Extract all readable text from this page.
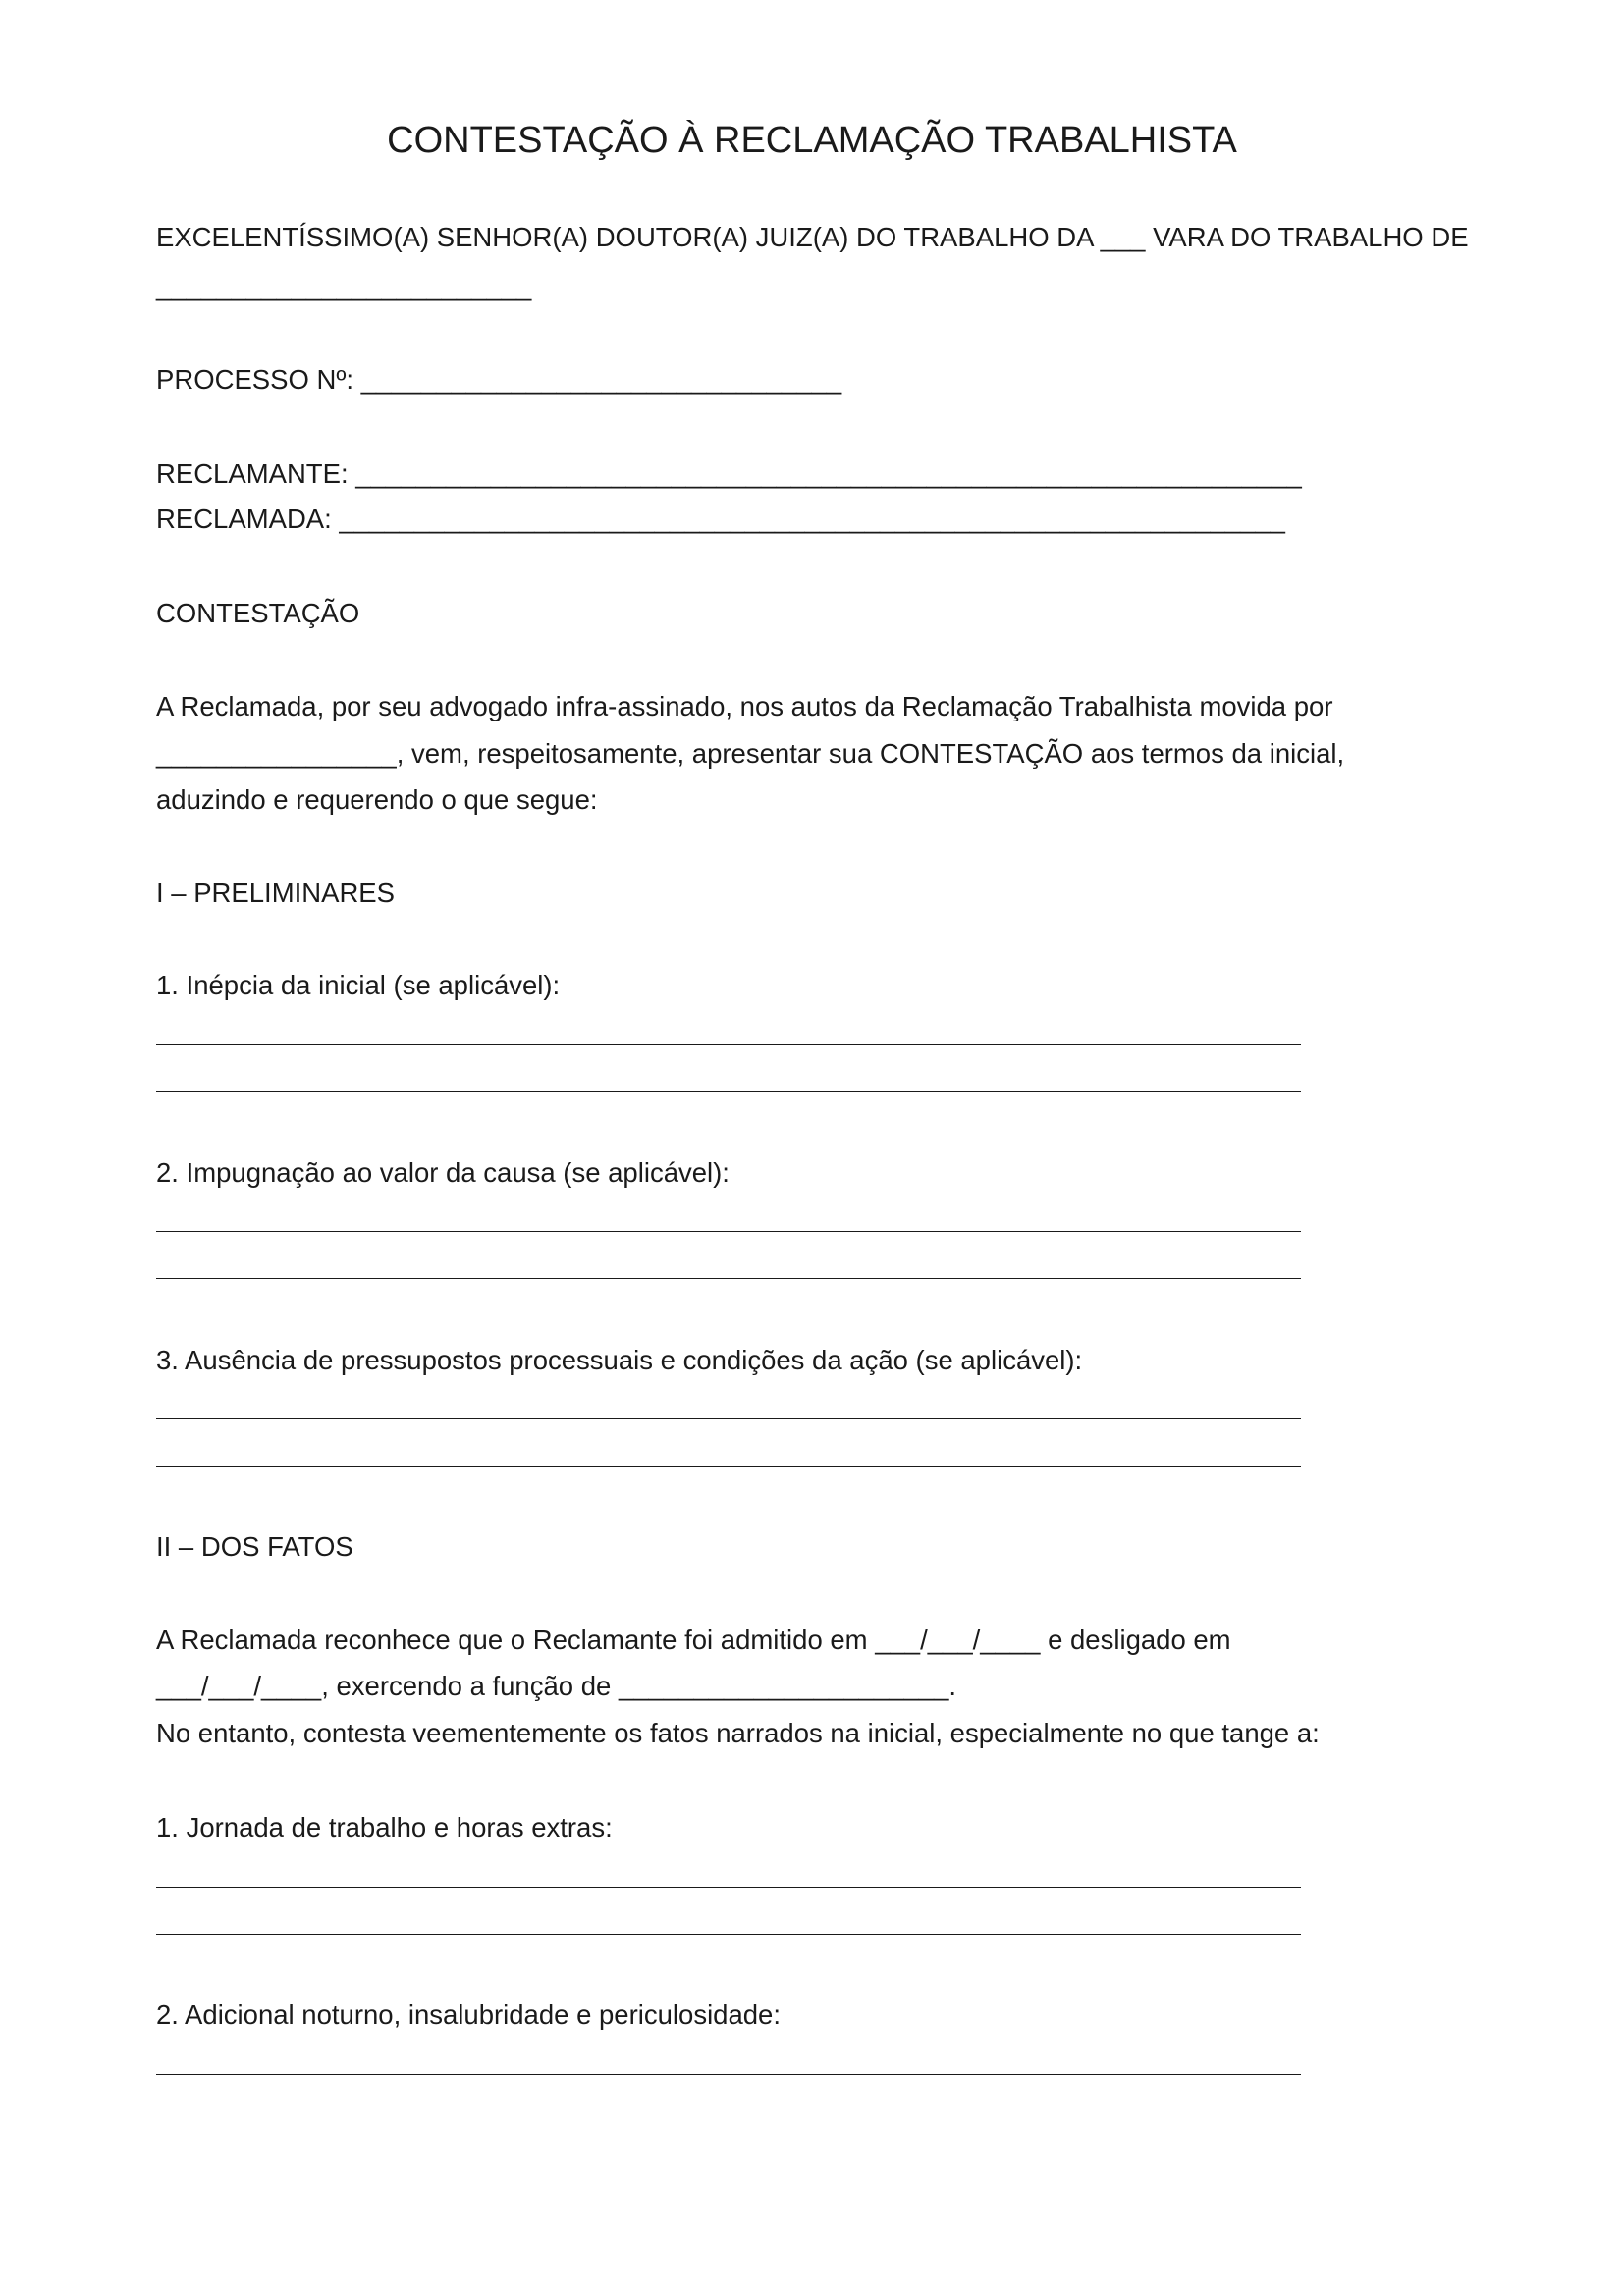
CONTESTAÇÃO À RECLAMAÇÃO TRABALHISTA

EXCELENTÍSSIMO(A) SENHOR(A) DOUTOR(A) JUIZ(A) DO TRABALHO DA ___ VARA DO TRABALHO DE

_________________________

PROCESSO Nº: ________________________________

RECLAMANTE: _______________________________________________________________

RECLAMADA: _______________________________________________________________

CONTESTAÇÃO

A Reclamada, por seu advogado infra-assinado, nos autos da Reclamação Trabalhista movida por

________________, vem, respeitosamente, apresentar sua CONTESTAÇÃO aos termos da inicial,

aduzindo e requerendo o que segue:

I – PRELIMINARES

1. Inépcia da inicial (se aplicável):

2. Impugnação ao valor da causa (se aplicável):

3. Ausência de pressupostos processuais e condições da ação (se aplicável):

II – DOS FATOS

A Reclamada reconhece que o Reclamante foi admitido em ___/___/____ e desligado em

___/___/____, exercendo a função de ______________________.

No entanto, contesta veementemente os fatos narrados na inicial, especialmente no que tange a:

1. Jornada de trabalho e horas extras:

2. Adicional noturno, insalubridade e periculosidade:
